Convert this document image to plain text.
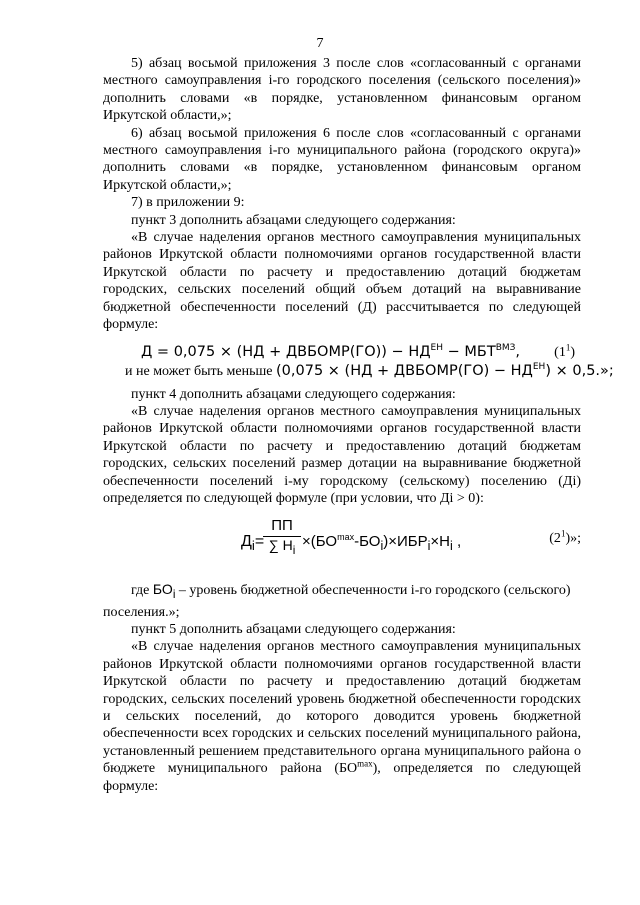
7

5) абзац восьмой приложения 3 после слов «согласованный с органами местного самоуправления i-го городского поселения (сельского поселения)» дополнить словами «в порядке, установленном финансовым органом Иркутской области,»;

6) абзац восьмой приложения 6 после слов «согласованный с органами местного самоуправления i-го муниципального района (городского округа)» дополнить словами «в порядке, установленном финансовым органом Иркутской области,»;

7) в приложении 9:

пункт 3 дополнить абзацами следующего содержания:

«В случае наделения органов местного самоуправления муниципальных районов Иркутской области полномочиями органов государственной власти Иркутской области по расчету и предоставлению дотаций бюджетам городских, сельских поселений общий объем дотаций на выравнивание бюджетной обеспеченности поселений (Д) рассчитывается по следующей формуле:

Д = 0,075 × (НД + ДВБОМР(ГО)) − $НД^{ЕН} - МБТ^{ВМЗ}$, $(1^1)$
и не может быть меньше (0,075 × (НД + ДВБОМР(ГО) − $НД^{ЕН}) \times 0,5$.»;

пункт 4 дополнить абзацами следующего содержания:

«В случае наделения органов местного самоуправления муниципальных районов Иркутской области полномочиями органов государственной власти Иркутской области по расчету и предоставлению дотаций бюджетам городских, сельских поселений размер дотации на выравнивание бюджетной обеспеченности поселений i-му городскому (сельскому) поселению (Дi) определяется по следующей формуле (при условии, что Дi > 0):

$Д_i=$
ПП
∑ $Н_i \times(БО^{max}-БО_i)\times ИБР_i\times Н_i$ ,	$(2^1)$»;

где $БО_i$ – уровень бюджетной обеспеченности i-го городского (сельского) поселения.»;

пункт 5 дополнить абзацами следующего содержания:

«В случае наделения органов местного самоуправления муниципальных районов Иркутской области полномочиями органов государственной власти Иркутской области по расчету и предоставлению дотаций бюджетам городских, сельских поселений уровень бюджетной обеспеченности городских и сельских поселений, до которого доводится уровень бюджетной обеспеченности всех городских и сельских поселений муниципального района, установленный решением представительного органа муниципального района о бюджете муниципального района $(БО^{max})$, определяется по следующей формуле:
